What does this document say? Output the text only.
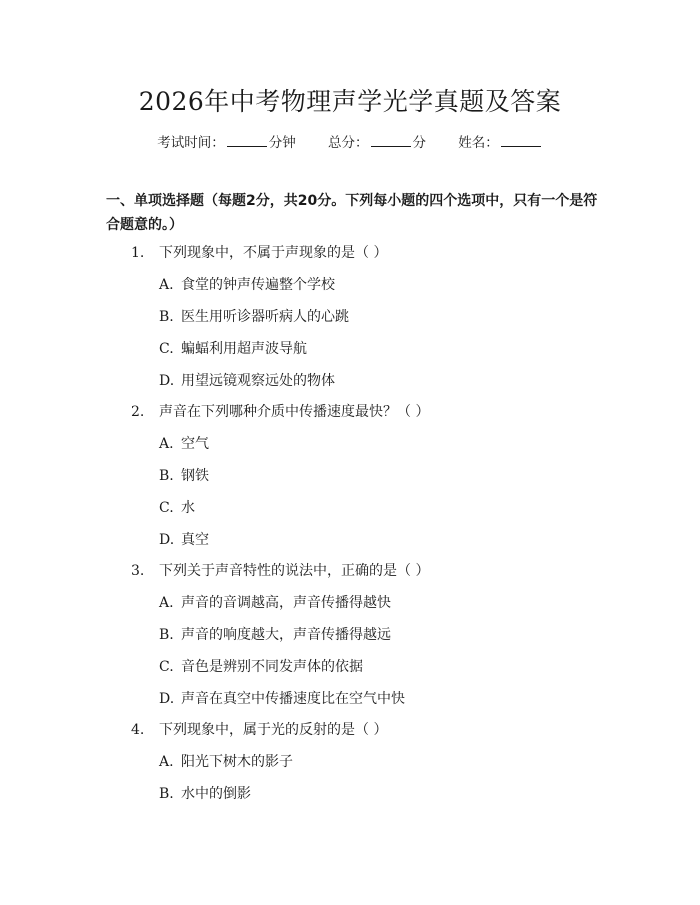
2026年中考物理声学光学真题及答案
考试时间：	分钟 总分：	分 姓名：
一、单项选择题（每题2分，共20分。下列每小题的四个选项中，只有一个是符合题意的。）
1. 下列现象中，不属于声现象的是（ ）
A. 食堂的钟声传遍整个学校
B. 医生用听诊器听病人的心跳
C. 蝙蝠利用超声波导航
D. 用望远镜观察远处的物体
2. 声音在下列哪种介质中传播速度最快？（ ）
A. 空气
B. 钢铁
C. 水
D. 真空
3. 下列关于声音特性的说法中，正确的是（ ）
A. 声音的音调越高，声音传播得越快
B. 声音的响度越大，声音传播得越远
C. 音色是辨别不同发声体的依据
D. 声音在真空中传播速度比在空气中快
4. 下列现象中，属于光的反射的是（ ）
A. 阳光下树木的影子
B. 水中的倒影
